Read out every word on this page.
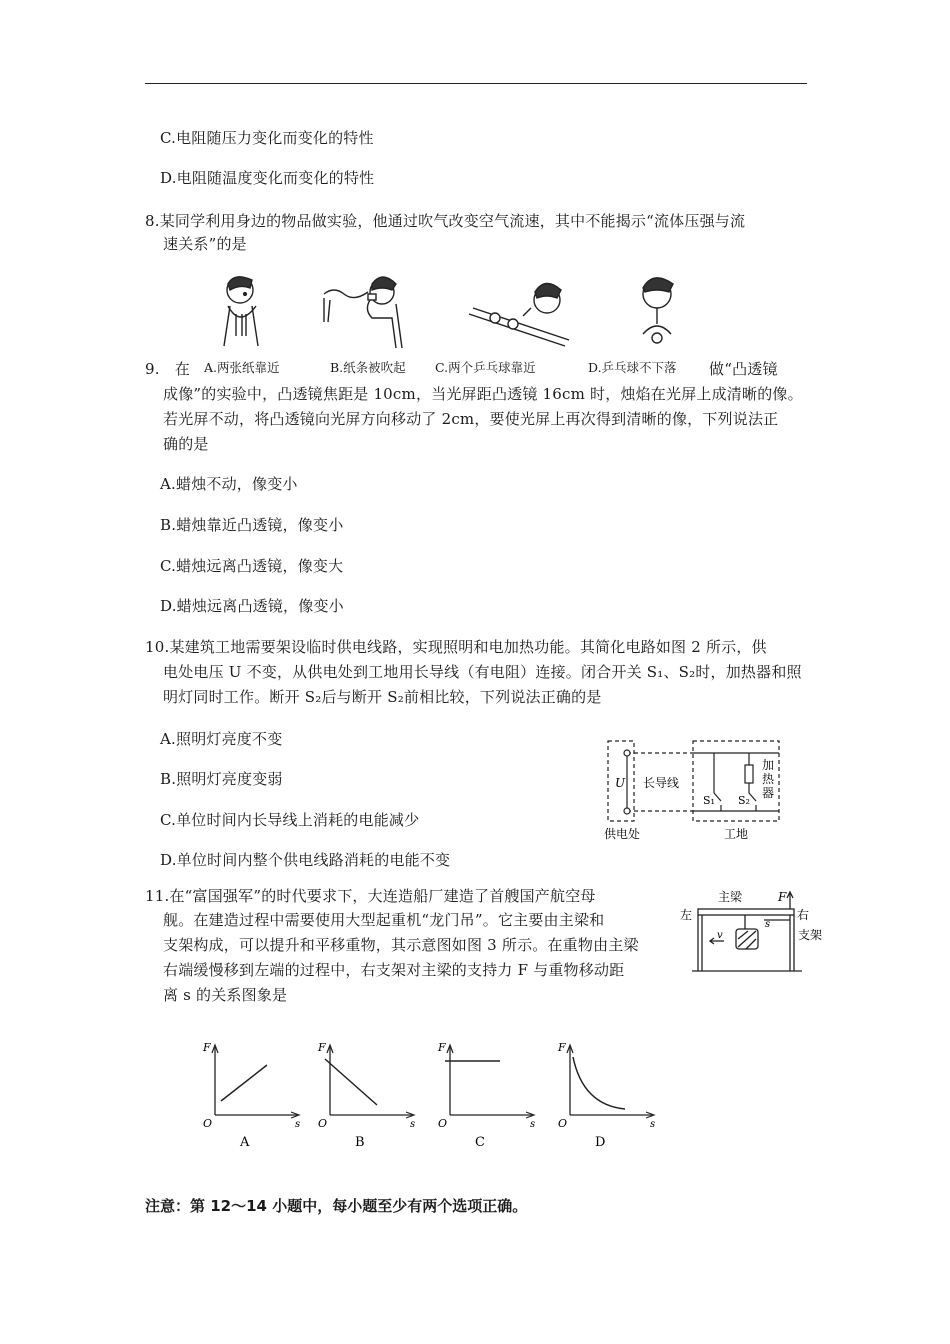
C.电阻随压力变化而变化的特性
D.电阻随温度变化而变化的特性
8.某同学利用身边的物品做实验，他通过吹气改变空气流速，其中不能揭示“流体压强与流
速关系”的是
A.两张纸靠近	B.纸条被吹起 C.两个乒乓球靠近	D.乒乓球不下落
9.　在	做“凸透镜
成像”的实验中，凸透镜焦距是 10cm，当光屏距凸透镜 16cm 时，烛焰在光屏上成清晰的像。
若光屏不动，将凸透镜向光屏方向移动了 2cm，要使光屏上再次得到清晰的像，下列说法正
确的是
A.蜡烛不动，像变小
B.蜡烛靠近凸透镜，像变小
C.蜡烛远离凸透镜，像变大
D.蜡烛远离凸透镜，像变小
10.某建筑工地需要架设临时供电线路，实现照明和电加热功能。其简化电路如图 2 所示，供
电处电压 U 不变，从供电处到工地用长导线（有电阻）连接。闭合开关 S₁、S₂时，加热器和照
明灯同时工作。断开 S₂后与断开 S₂前相比较，下列说法正确的是
A.照明灯亮度不变
B.照明灯亮度变弱
C.单位时间内长导线上消耗的电能减少
D.单位时间内整个供电线路消耗的电能不变
U 长导线
S₁ S₂
加
热
器
供电处	工地
11.在“富国强军”的时代要求下，大连造船厂建造了首艘国产航空母
舰。在建造过程中需要使用大型起重机“龙门吊”。它主要由主梁和
支架构成，可以提升和平移重物，其示意图如图 3 所示。在重物由主梁
右端缓慢移到左端的过程中，右支架对主梁的支持力 F 与重物移动距
离 s 的关系图象是
主梁	F
左	右
支架
s
v
F
O	s
A
F
O	s
B
F
O	s
C
F
O	s
D
注意：第 12～14 小题中，每小题至少有两个选项正确。
